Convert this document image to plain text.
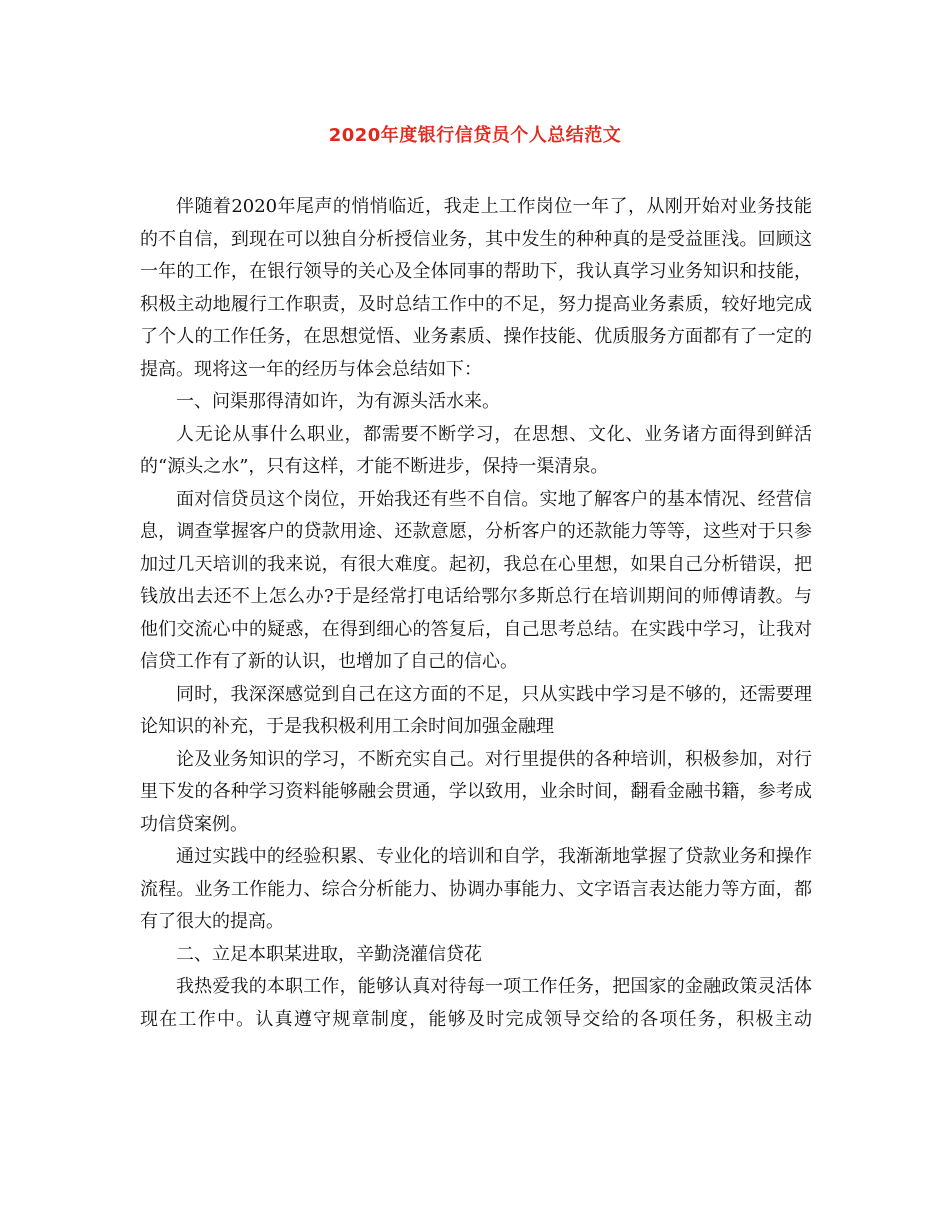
2020年度银行信贷员个人总结范文

伴随着2020年尾声的悄悄临近，我走上工作岗位一年了，从刚开始对业务技能的不自信，到现在可以独自分析授信业务，其中发生的种种真的是受益匪浅。回顾这一年的工作，在银行领导的关心及全体同事的帮助下，我认真学习业务知识和技能，积极主动地履行工作职责，及时总结工作中的不足，努力提高业务素质，较好地完成了个人的工作任务，在思想觉悟、业务素质、操作技能、优质服务方面都有了一定的提高。现将这一年的经历与体会总结如下：

一、问渠那得清如许，为有源头活水来。

人无论从事什么职业，都需要不断学习，在思想、文化、业务诸方面得到鲜活的“源头之水”，只有这样，才能不断进步，保持一渠清泉。

面对信贷员这个岗位，开始我还有些不自信。实地了解客户的基本情况、经营信息，调查掌握客户的贷款用途、还款意愿，分析客户的还款能力等等，这些对于只参加过几天培训的我来说，有很大难度。起初，我总在心里想，如果自己分析错误，把钱放出去还不上怎么办?于是经常打电话给鄂尔多斯总行在培训期间的师傅请教。与他们交流心中的疑惑，在得到细心的答复后，自己思考总结。在实践中学习，让我对信贷工作有了新的认识，也增加了自己的信心。

同时，我深深感觉到自己在这方面的不足，只从实践中学习是不够的，还需要理论知识的补充，于是我积极利用工余时间加强金融理

论及业务知识的学习，不断充实自己。对行里提供的各种培训，积极参加，对行里下发的各种学习资料能够融会贯通，学以致用，业余时间，翻看金融书籍，参考成功信贷案例。

通过实践中的经验积累、专业化的培训和自学，我渐渐地掌握了贷款业务和操作流程。业务工作能力、综合分析能力、协调办事能力、文字语言表达能力等方面，都有了很大的提高。

二、立足本职某进取，辛勤浇灌信贷花

我热爱我的本职工作，能够认真对待每一项工作任务，把国家的金融政策灵活体现在工作中。认真遵守规章制度，能够及时完成领导交给的各项任务，积极主动
